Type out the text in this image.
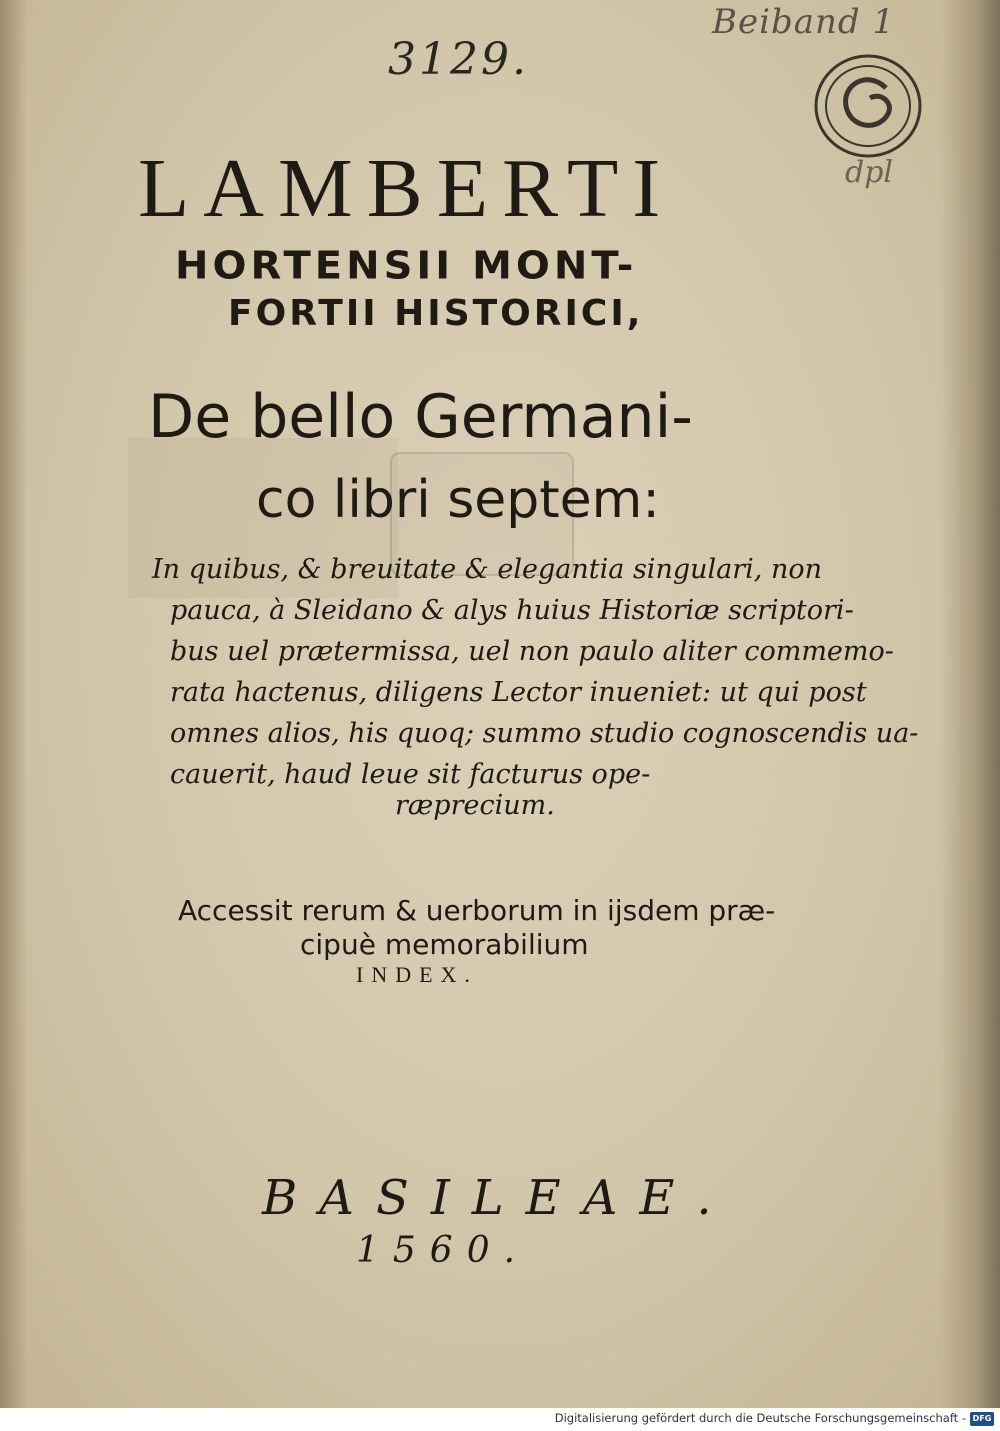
3129.
Beiband 1
dpl
LAMBERTI
HORTENSII MONT-
FORTII HISTORICI,
De bello Germani-
co libri septem:
In quibus, & breuitate & elegantia singulari, non
pauca, à Sleidano & alys huius Historiæ scriptori-
bus uel prætermissa, uel non paulo aliter commemo-
rata hactenus, diligens Lector inueniet: ut qui post
omnes alios, his quoq; summo studio cognoscendis ua-
cauerit, haud leue sit facturus ope-
ræprecium.
Accessit rerum & uerborum in ijsdem præ-
cipuè memorabilium
INDEX.
BASILEAE.
1560.
Digitalisierung gefördert durch die Deutsche Forschungsgemeinschaft - DFG
